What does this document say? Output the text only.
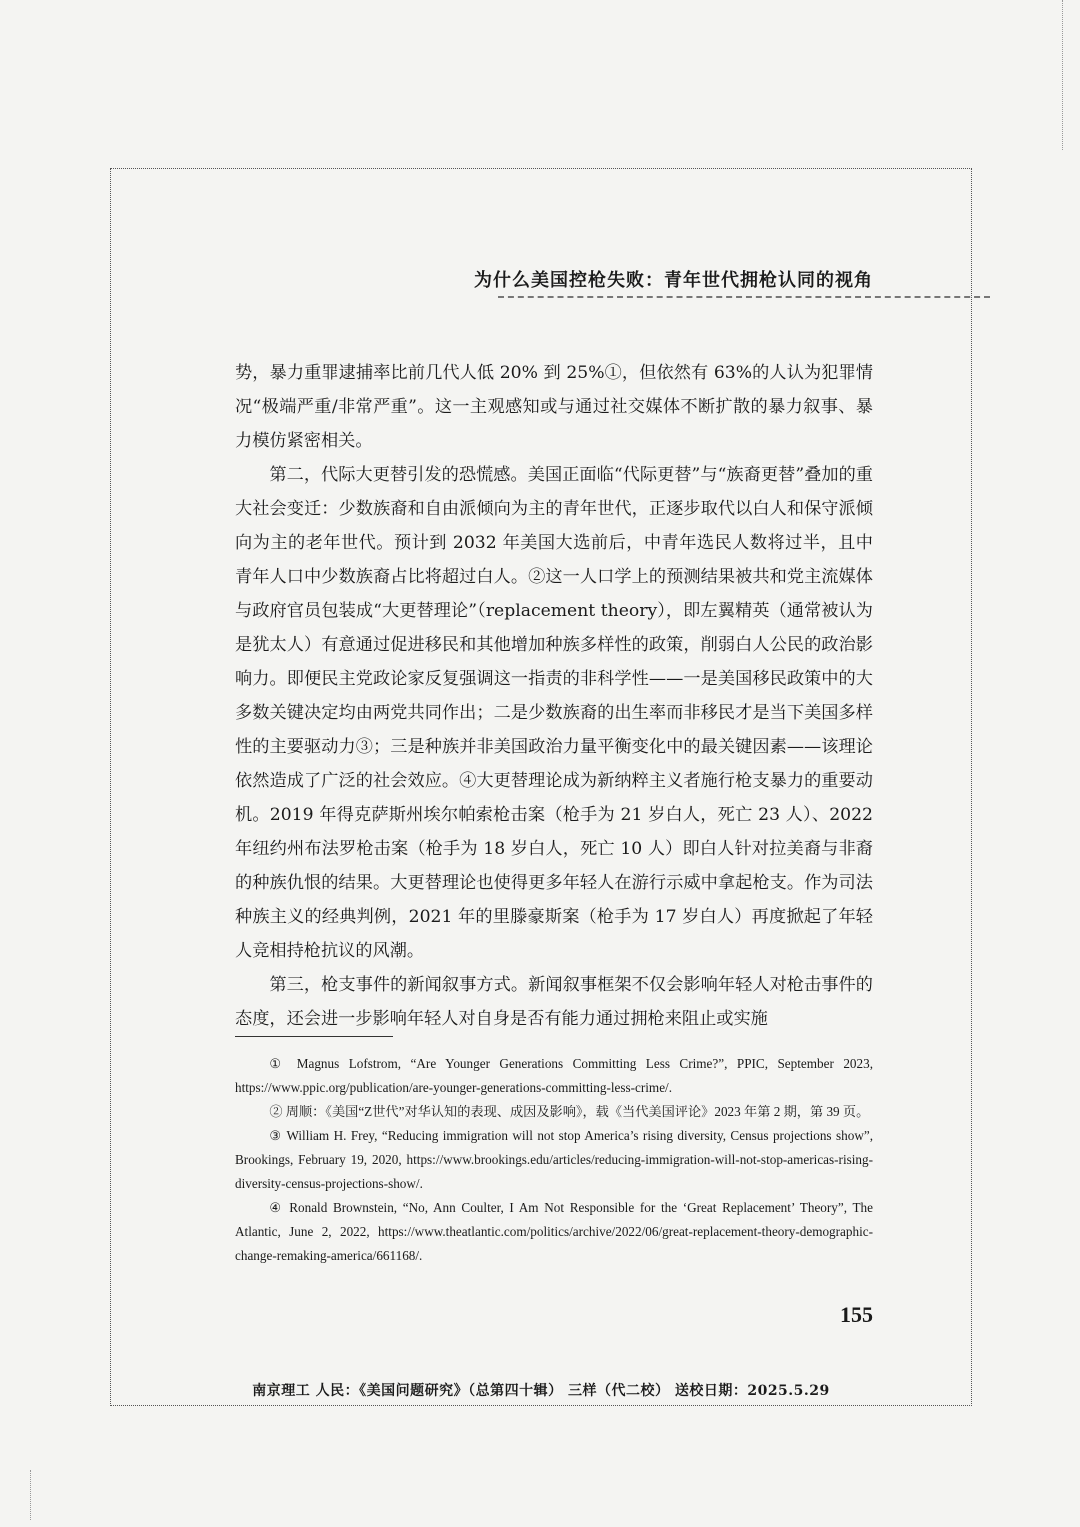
为什么美国控枪失败：青年世代拥枪认同的视角

势，暴力重罪逮捕率比前几代人低 20% 到 25%①，但依然有 63%的人认为犯罪情况“极端严重/非常严重”。这一主观感知或与通过社交媒体不断扩散的暴力叙事、暴力模仿紧密相关。

第二，代际大更替引发的恐慌感。美国正面临“代际更替”与“族裔更替”叠加的重大社会变迁：少数族裔和自由派倾向为主的青年世代，正逐步取代以白人和保守派倾向为主的老年世代。预计到 2032 年美国大选前后，中青年选民人数将过半，且中青年人口中少数族裔占比将超过白人。②这一人口学上的预测结果被共和党主流媒体与政府官员包装成“大更替理论”（replacement theory），即左翼精英（通常被认为是犹太人）有意通过促进移民和其他增加种族多样性的政策，削弱白人公民的政治影响力。即便民主党政论家反复强调这一指责的非科学性——一是美国移民政策中的大多数关键决定均由两党共同作出；二是少数族裔的出生率而非移民才是当下美国多样性的主要驱动力③；三是种族并非美国政治力量平衡变化中的最关键因素——该理论依然造成了广泛的社会效应。④大更替理论成为新纳粹主义者施行枪支暴力的重要动机。2019 年得克萨斯州埃尔帕索枪击案（枪手为 21 岁白人，死亡 23 人）、2022 年纽约州布法罗枪击案（枪手为 18 岁白人，死亡 10 人）即白人针对拉美裔与非裔的种族仇恨的结果。大更替理论也使得更多年轻人在游行示威中拿起枪支。作为司法种族主义的经典判例，2021 年的里滕豪斯案（枪手为 17 岁白人）再度掀起了年轻人竞相持枪抗议的风潮。

第三，枪支事件的新闻叙事方式。新闻叙事框架不仅会影响年轻人对枪击事件的态度，还会进一步影响年轻人对自身是否有能力通过拥枪来阻止或实施

① Magnus Lofstrom, “Are Younger Generations Committing Less Crime?”, PPIC, September 2023, https://www.ppic.org/publication/are-younger-generations-committing-less-crime/.

② 周顺：《美国“Z世代”对华认知的表现、成因及影响》，载《当代美国评论》2023 年第 2 期，第 39 页。

③ William H. Frey, “Reducing immigration will not stop America’s rising diversity, Census projections show”, Brookings, February 19, 2020, https://www.brookings.edu/articles/reducing-immigration-will-not-stop-americas-rising-diversity-census-projections-show/.

④ Ronald Brownstein, “No, Ann Coulter, I Am Not Responsible for the ‘Great Replacement’ Theory”, The Atlantic, June 2, 2022, https://www.theatlantic.com/politics/archive/2022/06/great-replacement-theory-demographic-change-remaking-america/661168/.

155
南京理工 人民：《美国问题研究》（总第四十辑） 三样（代二校） 送校日期：2025.5.29
